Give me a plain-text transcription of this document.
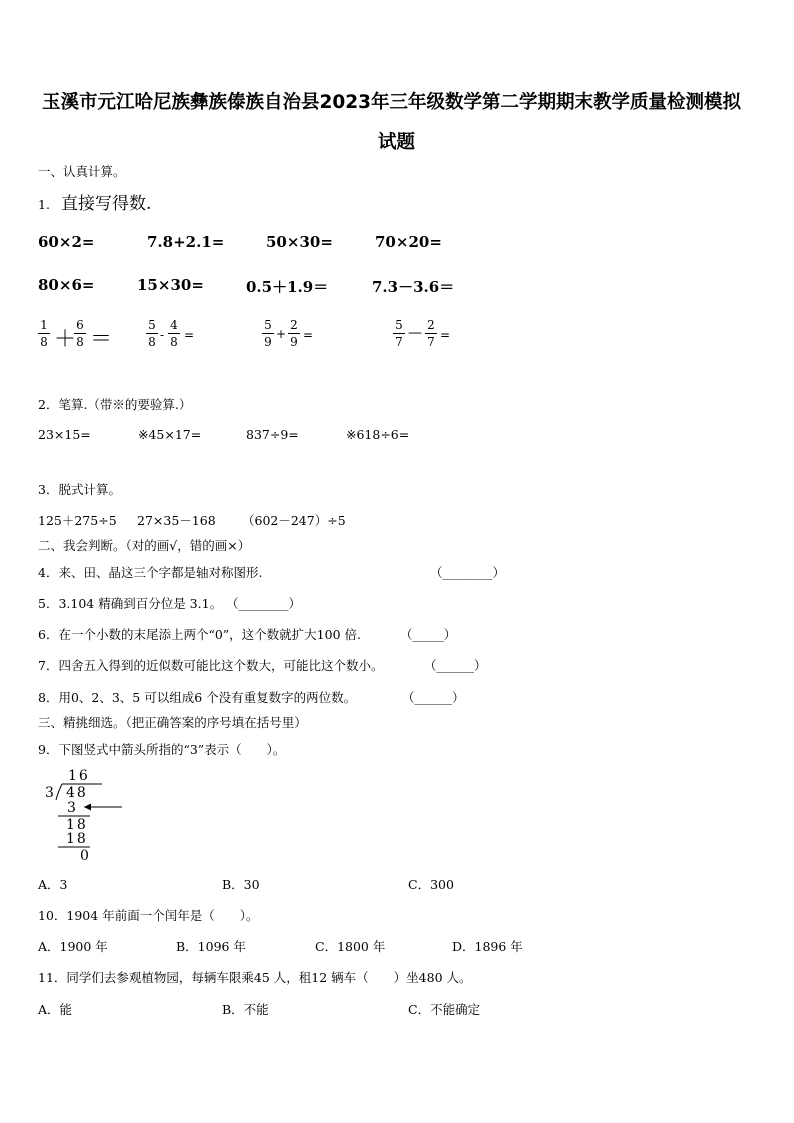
玉溪市元江哈尼族彝族傣族自治县2023年三年级数学第二学期期末教学质量检测模拟
试题
一、认真计算。
1. 直接写得数.
60×2=	7.8+2.1=	50×30=	70×20=
80×6=	15×30=	0.5＋1.9＝	7.3－3.6＝
1
8 ＋
6
8 ＝
5
8 -
4
8 =
5
9
+
2
9 =
5
7
— 2
7 =
2．笔算.（带※的要验算.）
23×15=	※45×17=	837÷9=	※618÷6=
3．脱式计算。
125＋275÷5 27×35－168 （602－247）÷5
二、我会判断。（对的画√，错的画×）
4．来、田、晶这三个字都是轴对称图形.	（________）
5．3.104 精确到百分位是 3.1。 （________）
6．在一个小数的末尾添上两个“0”，这个数就扩大100 倍.	（_____）
7．四舍五入得到的近似数可能比这个数大，可能比这个数小。	（______）
8．用0、2、3、5 可以组成6 个没有重复数字的两位数。	（______）
三、精挑细选。（把正确答案的序号填在括号里）
9．下图竖式中箭头所指的“3”表示（　　）。
16
3 48
3
18
18
0
A．3	B．30	C．300
10．1904 年前面一个闰年是（　　）。
A．1900 年	B．1096 年	C．1800 年	D．1896 年
11．同学们去参观植物园，每辆车限乘45 人，租12 辆车（　　）坐480 人。
A．能	B．不能	C．不能确定
